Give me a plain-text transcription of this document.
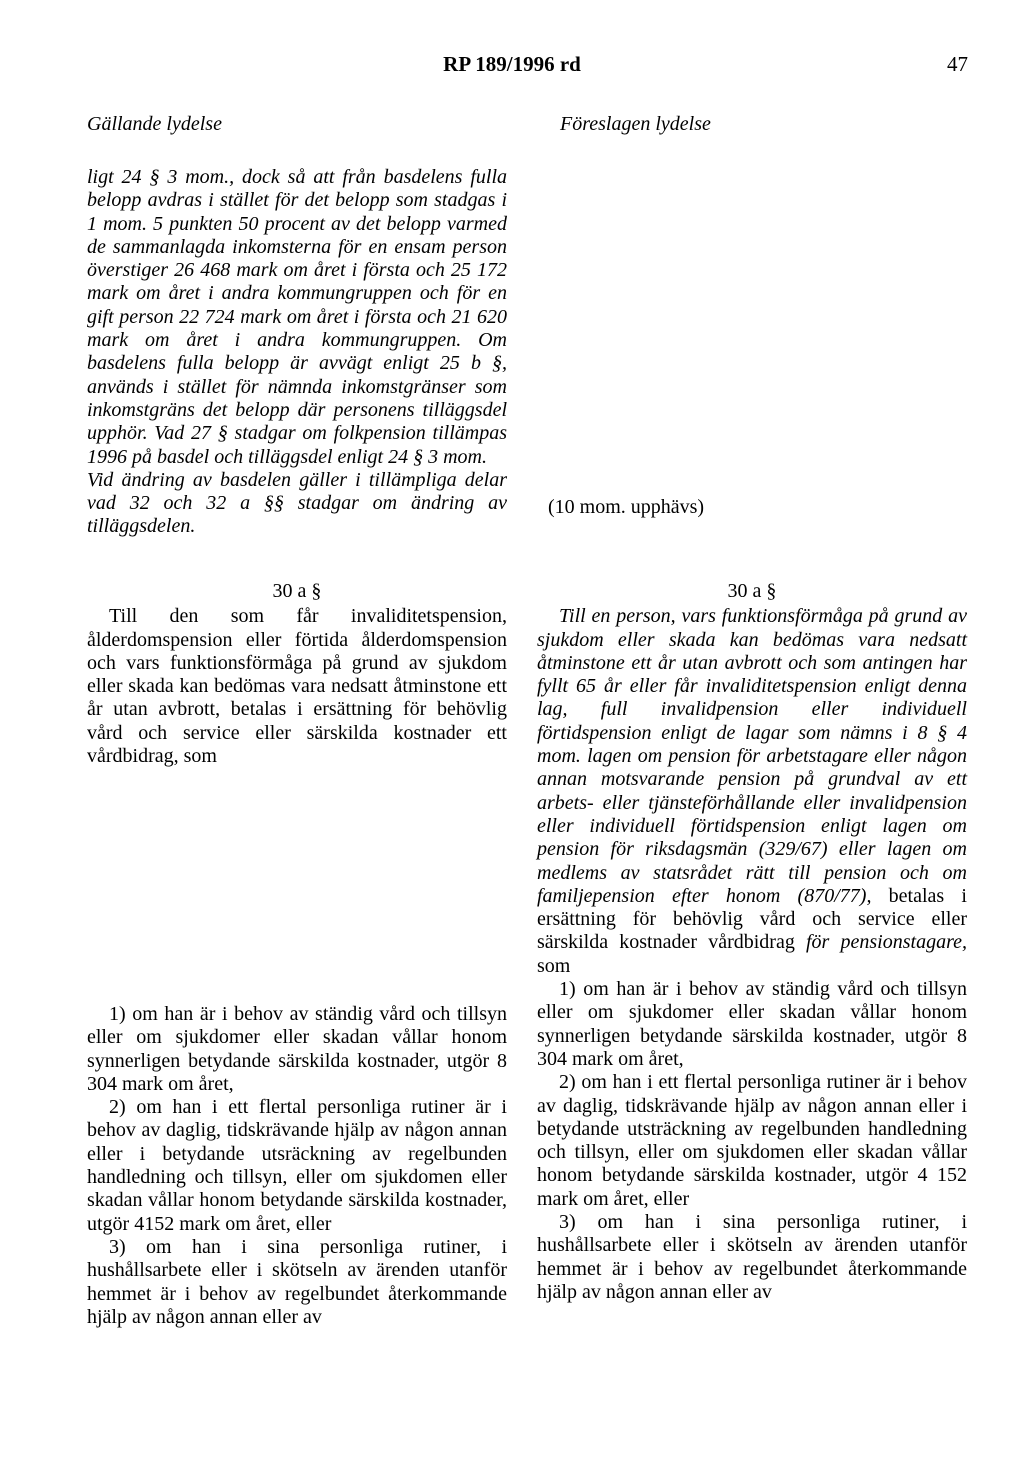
RP 189/1996 rd	47
Gällande lydelse	Föreslagen lydelse

ligt 24 § 3 mom., dock så att från basdelens fulla belopp avdras i stället för det belopp som stadgas i 1 mom. 5 punkten 50 procent av det belopp varmed de sammanlagda inkomsterna för en ensam person överstiger 26 468 mark om året i första och 25 172 mark om året i andra kommungruppen och för en gift person 22 724 mark om året i första och 21 620 mark om året i andra kommungruppen. Om basdelens fulla belopp är avvägt enligt 25 b §, används i stället för nämnda inkomstgränser som inkomstgräns det belopp där personens tilläggsdel upphör. Vad 27 § stadgar om folkpension tillämpas 1996 på basdel och tilläggsdel enligt 24 § 3 mom.

Vid ändring av basdelen gäller i tillämpliga delar vad 32 och 32 a §§ stadgar om ändring av tilläggsdelen.

30 a §

Till den som får invaliditetspension, ålderdomspension eller förtida ålderdomspension och vars funktionsförmåga på grund av sjukdom eller skada kan bedömas vara nedsatt åtminstone ett år utan avbrott, betalas i ersättning för behövlig vård och service eller särskilda kostnader ett vårdbidrag, som

1) om han är i behov av ständig vård och tillsyn eller om sjukdomer eller skadan vållar honom synnerligen betydande särskilda kostnader, utgör 8 304 mark om året,

2) om han i ett flertal personliga rutiner är i behov av daglig, tidskrävande hjälp av någon annan eller i betydande utsräckning av regelbunden handledning och tillsyn, eller om sjukdomen eller skadan vållar honom betydande särskilda kostnader, utgör 4152 mark om året, eller

3) om han i sina personliga rutiner, i hushållsarbete eller i skötseln av ärenden utanför hemmet är i behov av regelbundet återkommande hjälp av någon annan eller av

(10 mom. upphävs)

30 a §

Till en person, vars funktionsförmåga på grund av sjukdom eller skada kan bedömas vara nedsatt åtminstone ett år utan avbrott och som antingen har fyllt 65 år eller får invaliditetspension enligt denna lag, full invalidpension eller individuell förtidspension enligt de lagar som nämns i 8 § 4 mom. lagen om pension för arbetstagare eller någon annan motsvarande pension på grundval av ett arbets- eller tjänsteförhållande eller invalidpension eller individuell förtidspension enligt lagen om pension för riksdagsmän (329/67) eller lagen om medlems av statsrådet rätt till pension och om familjepension efter honom (870/77), betalas i ersättning för behövlig vård och service eller särskilda kostnader vårdbidrag för pensionstagare, som

1) om han är i behov av ständig vård och tillsyn eller om sjukdomer eller skadan vållar honom synnerligen betydande särskilda kostnader, utgör 8 304 mark om året,

2) om han i ett flertal personliga rutiner är i behov av daglig, tidskrävande hjälp av någon annan eller i betydande utsträckning av regelbunden handledning och tillsyn, eller om sjukdomen eller skadan vållar honom betydande särskilda kostnader, utgör 4 152 mark om året, eller

3) om han i sina personliga rutiner, i hushållsarbete eller i skötseln av ärenden utanför hemmet är i behov av regelbundet återkommande hjälp av någon annan eller av
